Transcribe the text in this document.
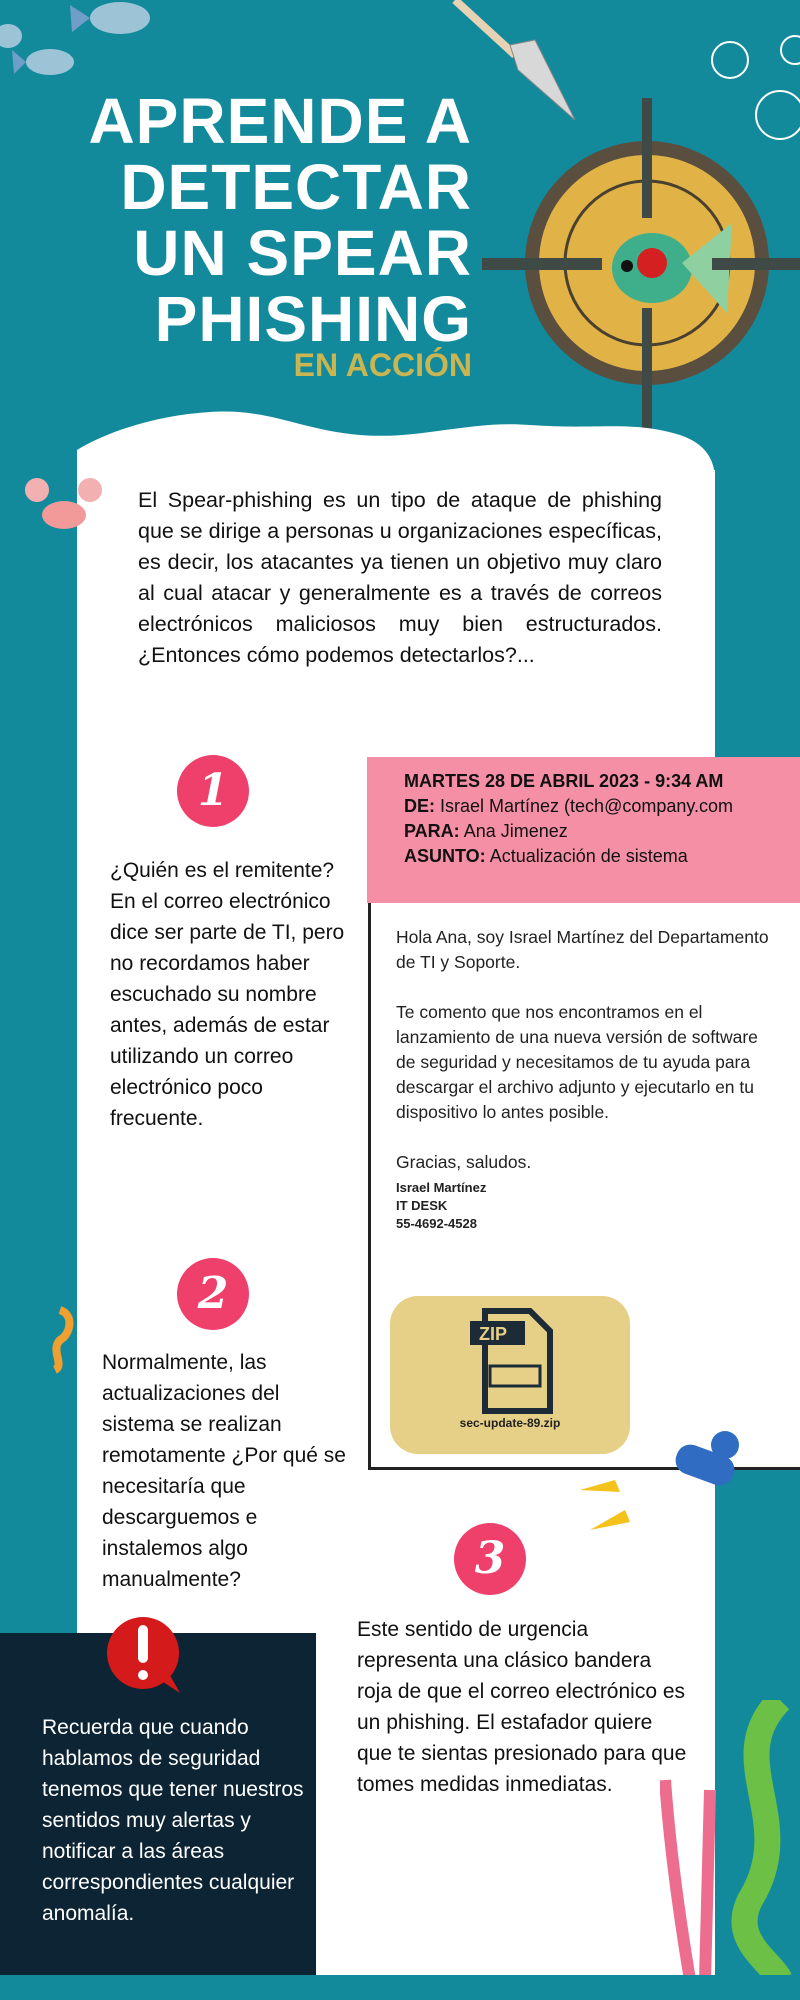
APRENDE A
DETECTAR
UN SPEAR
PHISHING
EN ACCIÓN

El Spear-phishing es un tipo de ataque de phishing que se dirige a personas u organizaciones específicas, es decir, los atacantes ya tienen un objetivo muy claro al cual atacar y generalmente es a través de correos electrónicos maliciosos muy bien estructurados. ¿Entonces cómo podemos detectarlos?...

1

¿Quién es el remitente? En el correo electrónico dice ser parte de TI, pero no recordamos haber escuchado su nombre antes, además de estar utilizando un correo electrónico poco frecuente.

MARTES 28 DE ABRIL 2023 - 9:34 AM
DE: Israel Martínez (tech@company.com
PARA: Ana Jimenez
ASUNTO: Actualización de sistema
Hola Ana, soy Israel Martínez del Departamento de TI y Soporte.
Te comento que nos encontramos en el lanzamiento de una nueva versión de software de seguridad y necesitamos de tu ayuda para descargar el archivo adjunto y ejecutarlo en tu dispositivo lo antes posible.
Gracias, saludos.
Israel Martínez
IT DESK
55-4692-4528
ZIP
sec-update-89.zip
2

Normalmente, las actualizaciones del sistema se realizan remotamente ¿Por qué se necesitaría que descarguemos e instalemos algo manualmente?	3

Este sentido de urgencia representa una clásico bandera roja de que el correo electrónico es un phishing. El estafador quiere que te sientas presionado para que tomes medidas inmediatas.

Recuerda que cuando hablamos de seguridad tenemos que tener nuestros sentidos muy alertas y notificar a las áreas correspondientes cualquier anomalía.
